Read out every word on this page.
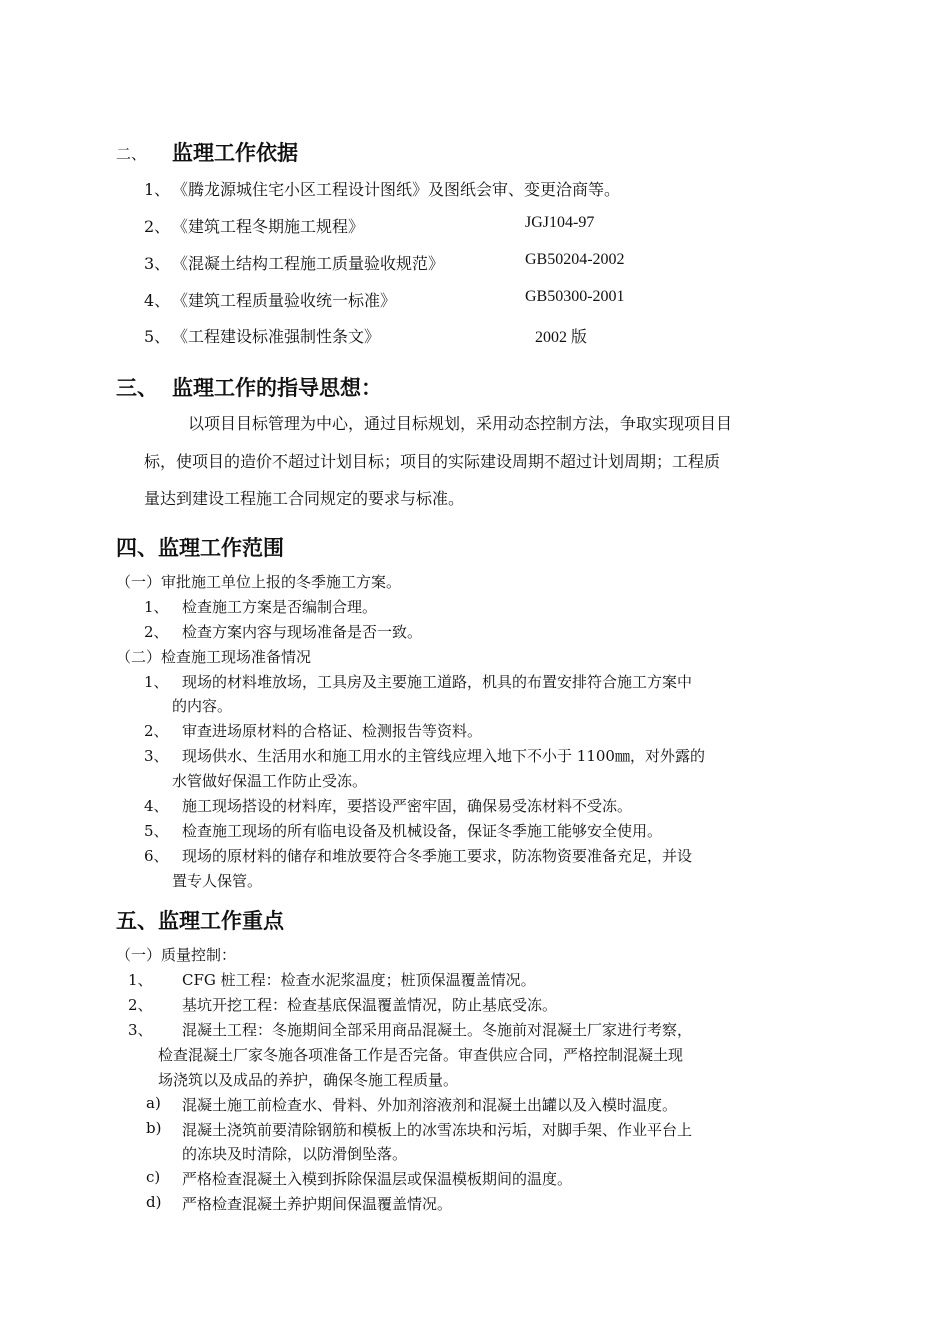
二、 监理工作依据
1、 《腾龙源城住宅小区工程设计图纸》及图纸会审、变更洽商等。
2、 《建筑工程冬期施工规程》	JGJ104-97
3、 《混凝土结构工程施工质量验收规范》	GB50204-2002
4、 《建筑工程质量验收统一标准》	GB50300-2001
5、 《工程建设标准强制性条文》	2002 版
三、 监理工作的指导思想：
以项目目标管理为中心，通过目标规划，采用动态控制方法，争取实现项目目
标，使项目的造价不超过计划目标；项目的实际建设周期不超过计划周期；工程质
量达到建设工程施工合同规定的要求与标准。
四、监理工作范围
（一）审批施工单位上报的冬季施工方案。
1、 检查施工方案是否编制合理。
2、 检查方案内容与现场准备是否一致。
（二）检查施工现场准备情况
1、 现场的材料堆放场，工具房及主要施工道路，机具的布置安排符合施工方案中
的内容。
2、 审查进场原材料的合格证、检测报告等资料。
3、 现场供水、生活用水和施工用水的主管线应埋入地下不小于 1100㎜，对外露的
水管做好保温工作防止受冻。
4、 施工现场搭设的材料库，要搭设严密牢固，确保易受冻材料不受冻。
5、 检查施工现场的所有临电设备及机械设备，保证冬季施工能够安全使用。
6、 现场的原材料的储存和堆放要符合冬季施工要求，防冻物资要准备充足，并设
置专人保管。
五、监理工作重点
（一）质量控制：
1、 CFG 桩工程：检查水泥浆温度；桩顶保温覆盖情况。
2、 基坑开挖工程：检查基底保温覆盖情况，防止基底受冻。
3、 混凝土工程：冬施期间全部采用商品混凝土。冬施前对混凝土厂家进行考察，
检查混凝土厂家冬施各项准备工作是否完备。审查供应合同，严格控制混凝土现
场浇筑以及成品的养护，确保冬施工程质量。
a) 混凝土施工前检查水、骨料、外加剂溶液剂和混凝土出罐以及入模时温度。
b) 混凝土浇筑前要清除钢筋和模板上的冰雪冻块和污垢，对脚手架、作业平台上
的冻块及时清除，以防滑倒坠落。
c) 严格检查混凝土入模到拆除保温层或保温模板期间的温度。
d) 严格检查混凝土养护期间保温覆盖情况。
